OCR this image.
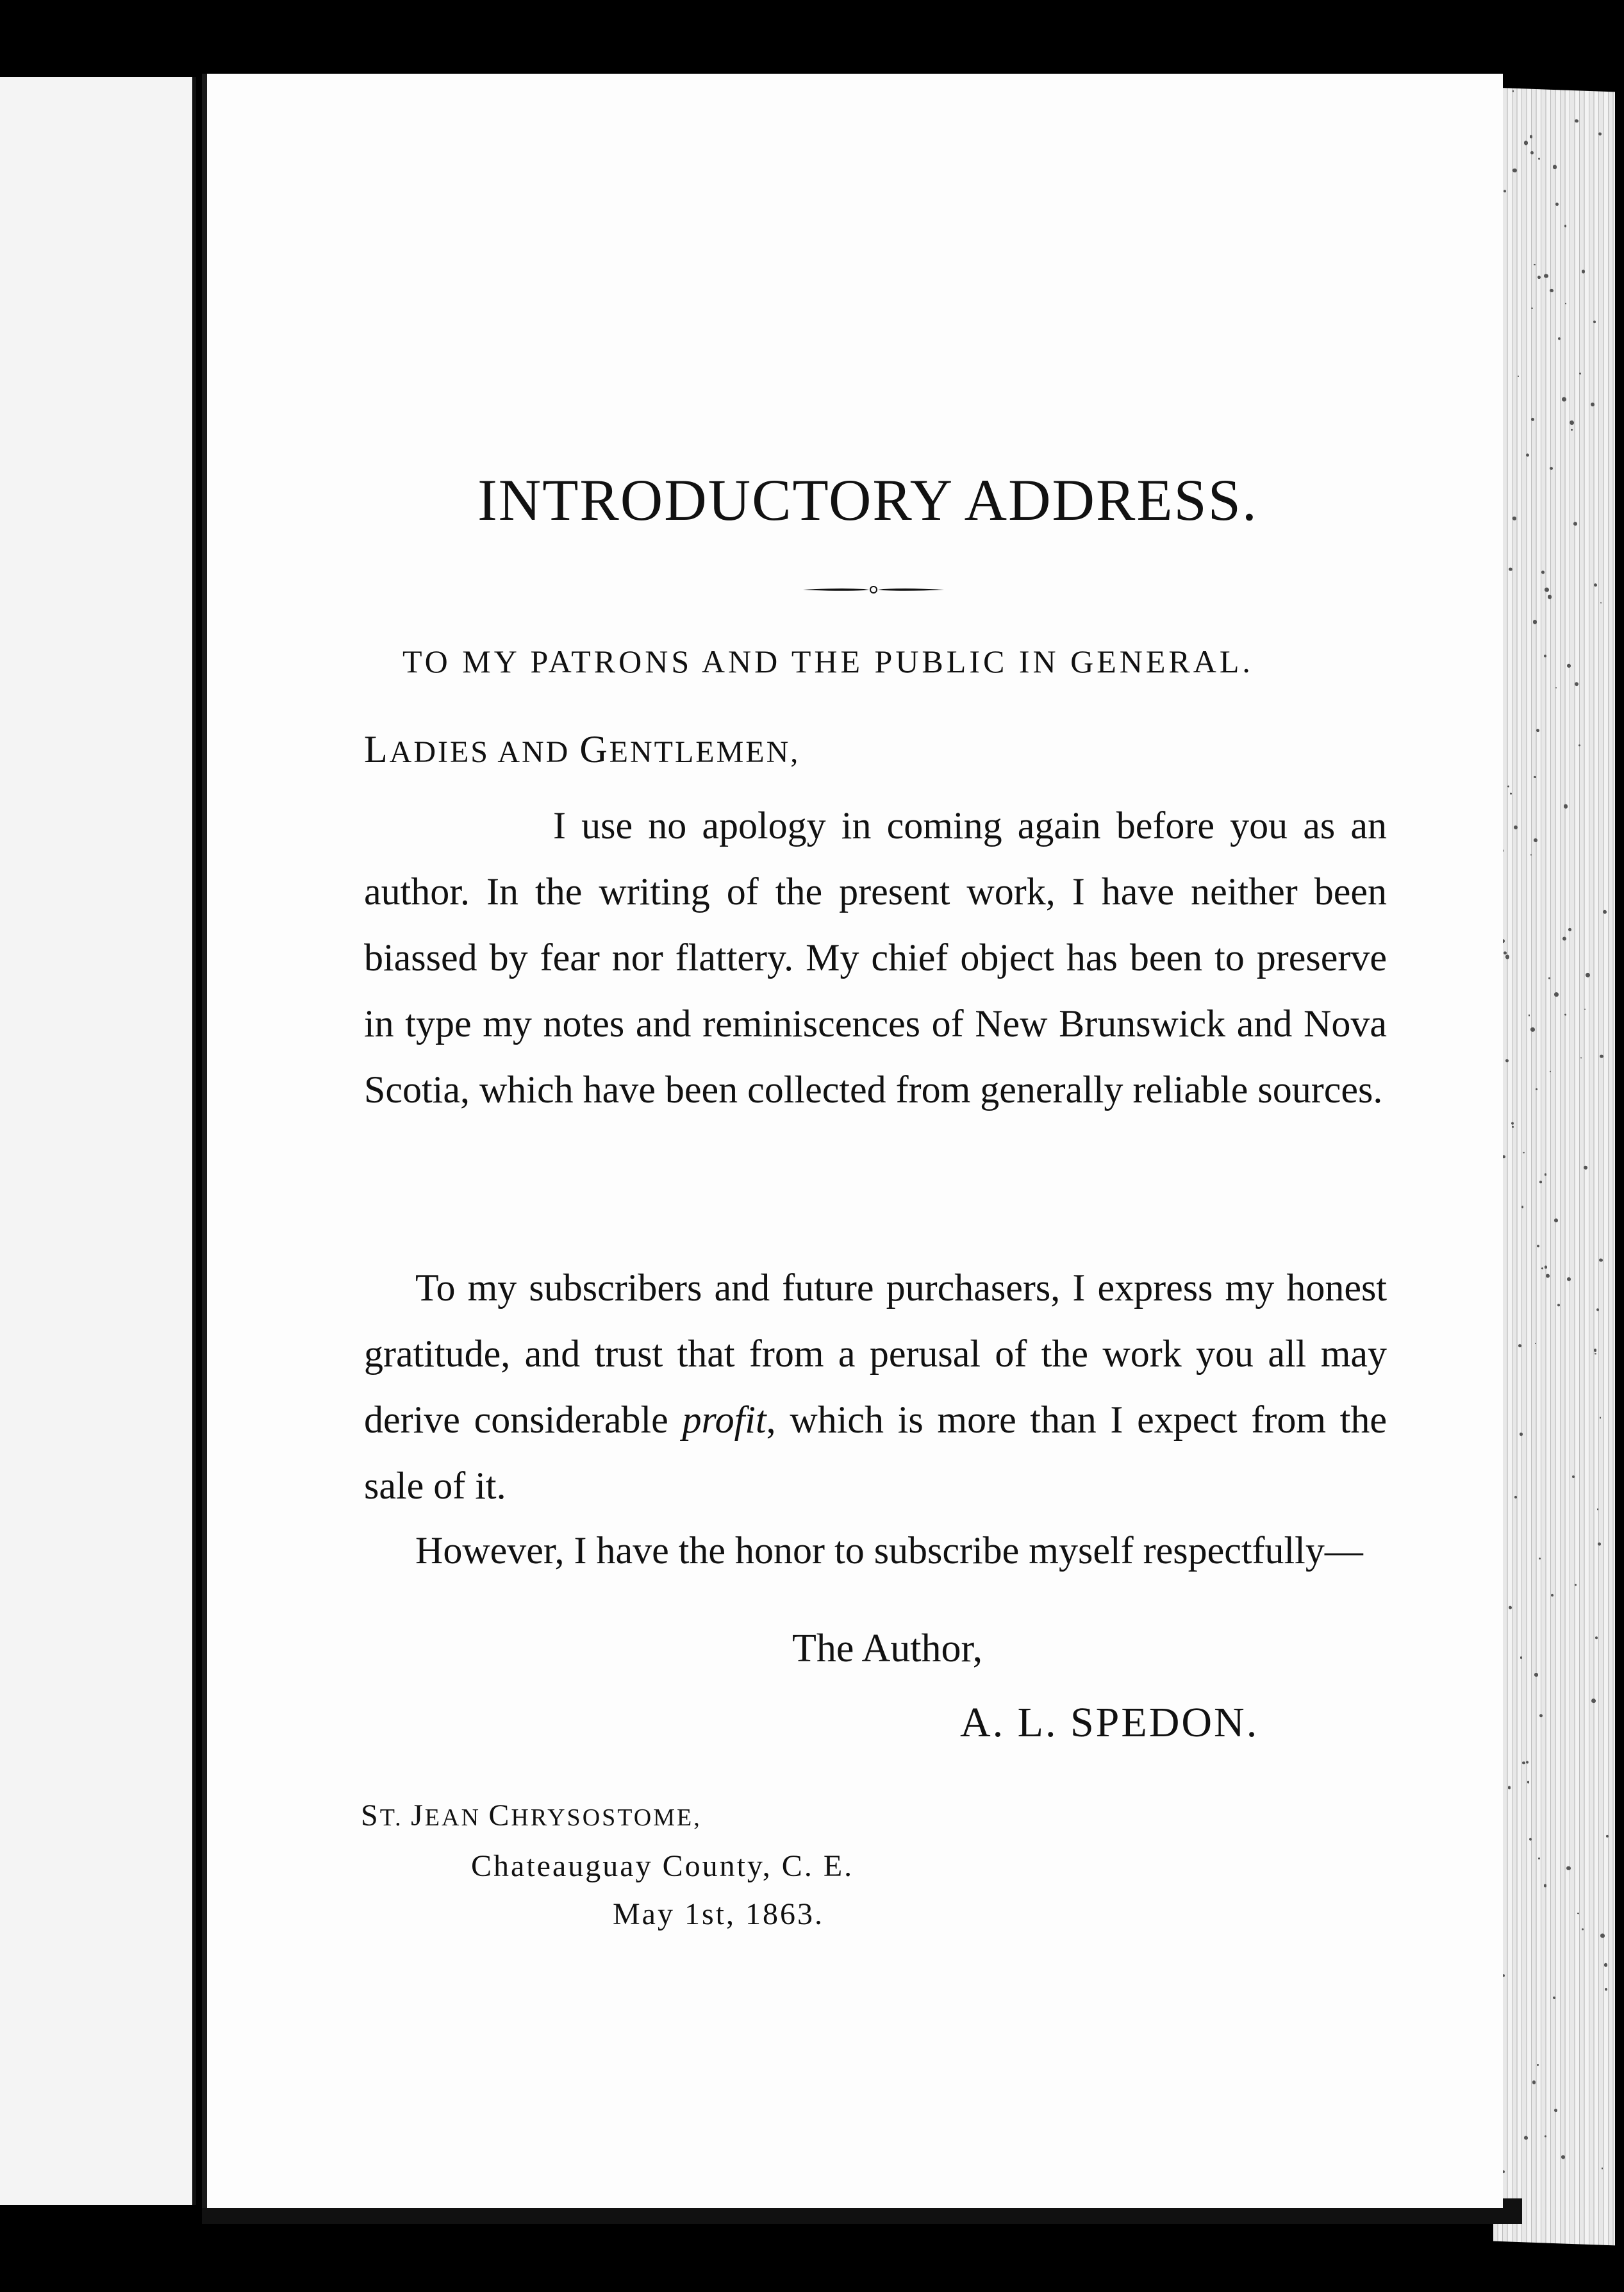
INTRODUCTORY ADDRESS.
TO MY PATRONS AND THE PUBLIC IN GENERAL.
LADIES AND GENTLEMEN,
I use no apology in coming again before you as an author. In the writing of the present work, I have neither been biassed by fear nor flattery. My chief object has been to preserve in type my notes and reminiscences of New Brunswick and Nova Scotia, which have been collected from generally reliable sources.
To my subscribers and future purchasers, I express my honest gratitude, and trust that from a perusal of the work you all may derive considerable profit, which is more than I expect from the sale of it.
However, I have the honor to subscribe myself respectfully—
The Author,
A. L. SPEDON.
ST. JEAN CHRYSOSTOME,
Chateauguay County, C. E.
May 1st, 1863.
